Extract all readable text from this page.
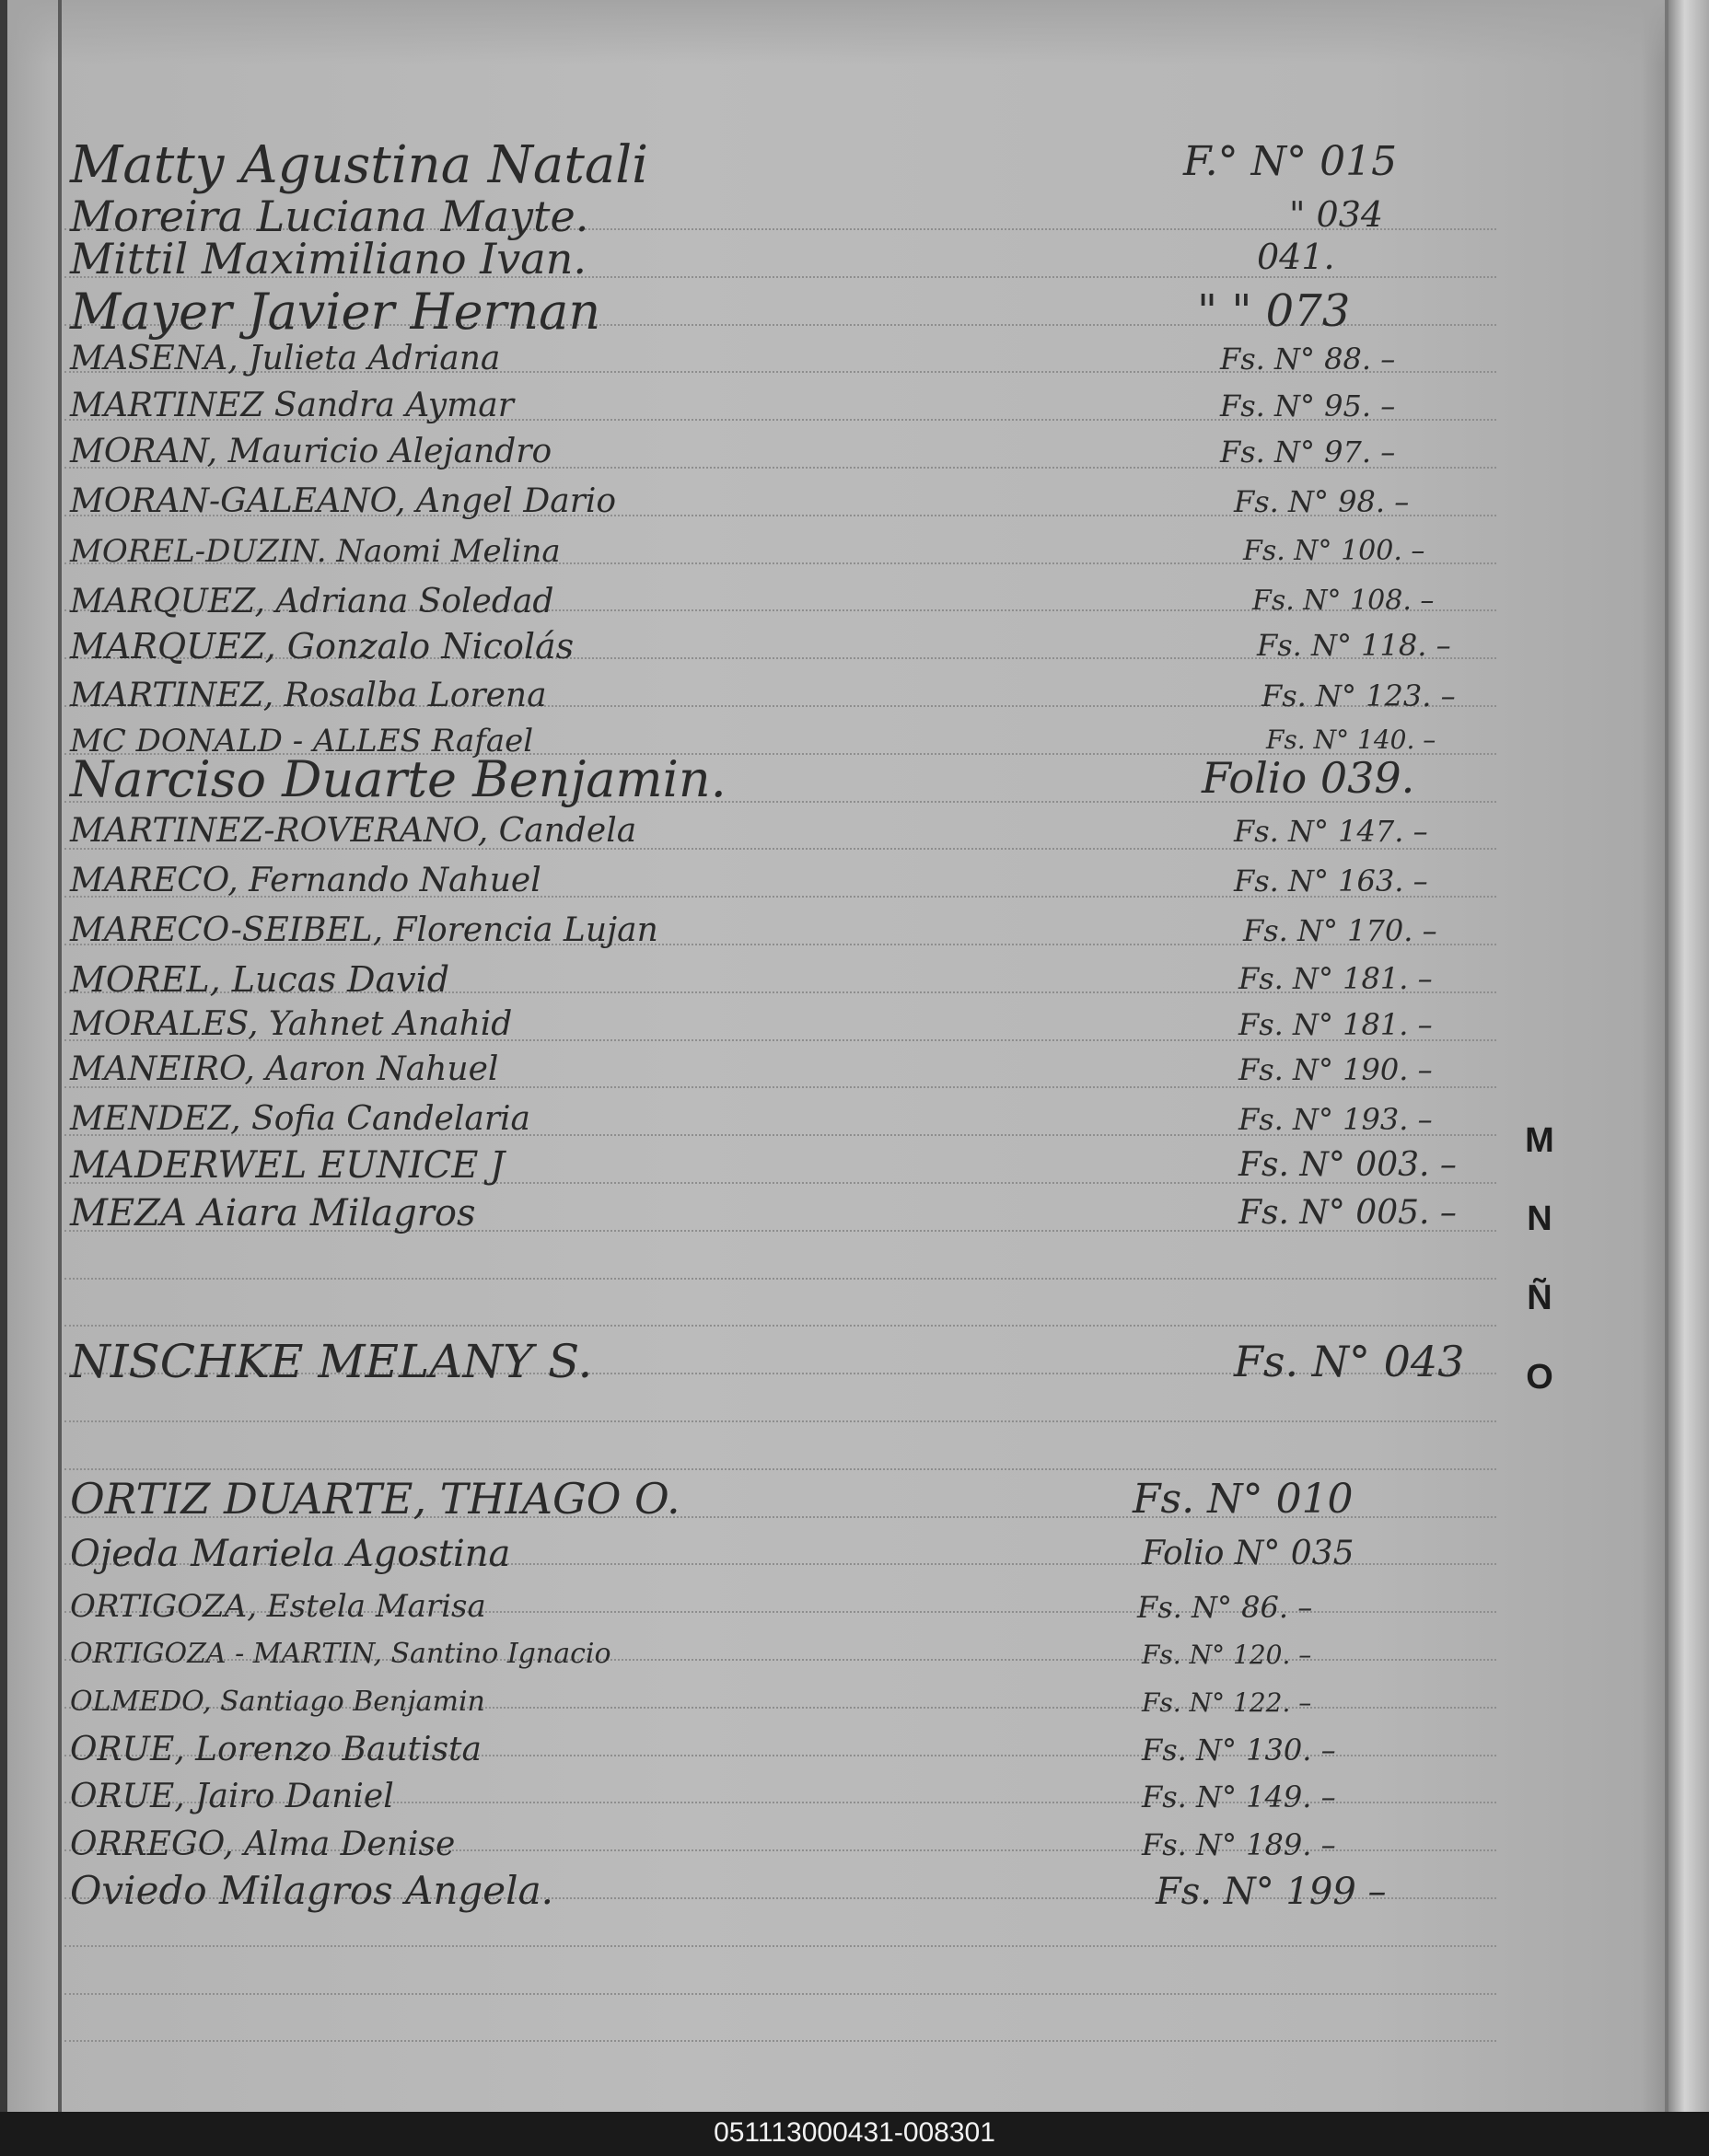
Matty Agustina Natali	F.° N° 015
Moreira Luciana Mayte.	" 034
Mittil Maximiliano Ivan.	041.
Mayer Javier Hernan	" " 073
MASENA, Julieta Adriana	Fs. N° 88. –
MARTINEZ Sandra Aymar	Fs. N° 95. –
MORAN, Mauricio Alejandro	Fs. N° 97. –
MORAN-GALEANO, Angel Dario	Fs. N° 98. –
MOREL-DUZIN. Naomi Melina	Fs. N° 100. –
MARQUEZ, Adriana Soledad	Fs. N° 108. –
MARQUEZ, Gonzalo Nicolás	Fs. N° 118. –
MARTINEZ, Rosalba Lorena	Fs. N° 123. –
MC DONALD - ALLES Rafael	Fs. N° 140. –
Narciso Duarte Benjamin.	Folio 039.
MARTINEZ-ROVERANO, Candela	Fs. N° 147. –
MARECO, Fernando Nahuel	Fs. N° 163. –
MARECO-SEIBEL, Florencia Lujan	Fs. N° 170. –
MOREL, Lucas David	Fs. N° 181. –
MORALES, Yahnet Anahid	Fs. N° 181. –
MANEIRO, Aaron Nahuel	Fs. N° 190. –
MENDEZ, Sofia Candelaria	Fs. N° 193. –
MADERWEL EUNICE J	Fs. N° 003. –
MEZA Aiara Milagros	Fs. N° 005. –
NISCHKE MELANY S.	Fs. N° 043
ORTIZ DUARTE, THIAGO O.	Fs. N° 010
Ojeda Mariela Agostina	Folio N° 035
ORTIGOZA, Estela Marisa	Fs. N° 86. –
ORTIGOZA - MARTIN, Santino Ignacio	Fs. N° 120. –
OLMEDO, Santiago Benjamin	Fs. N° 122. –
ORUE, Lorenzo Bautista	Fs. N° 130. –
ORUE, Jairo Daniel	Fs. N° 149. –
ORREGO, Alma Denise	Fs. N° 189. –
Oviedo Milagros Angela.	Fs. N° 199 –
M
N
Ñ
O
051113000431-008301
